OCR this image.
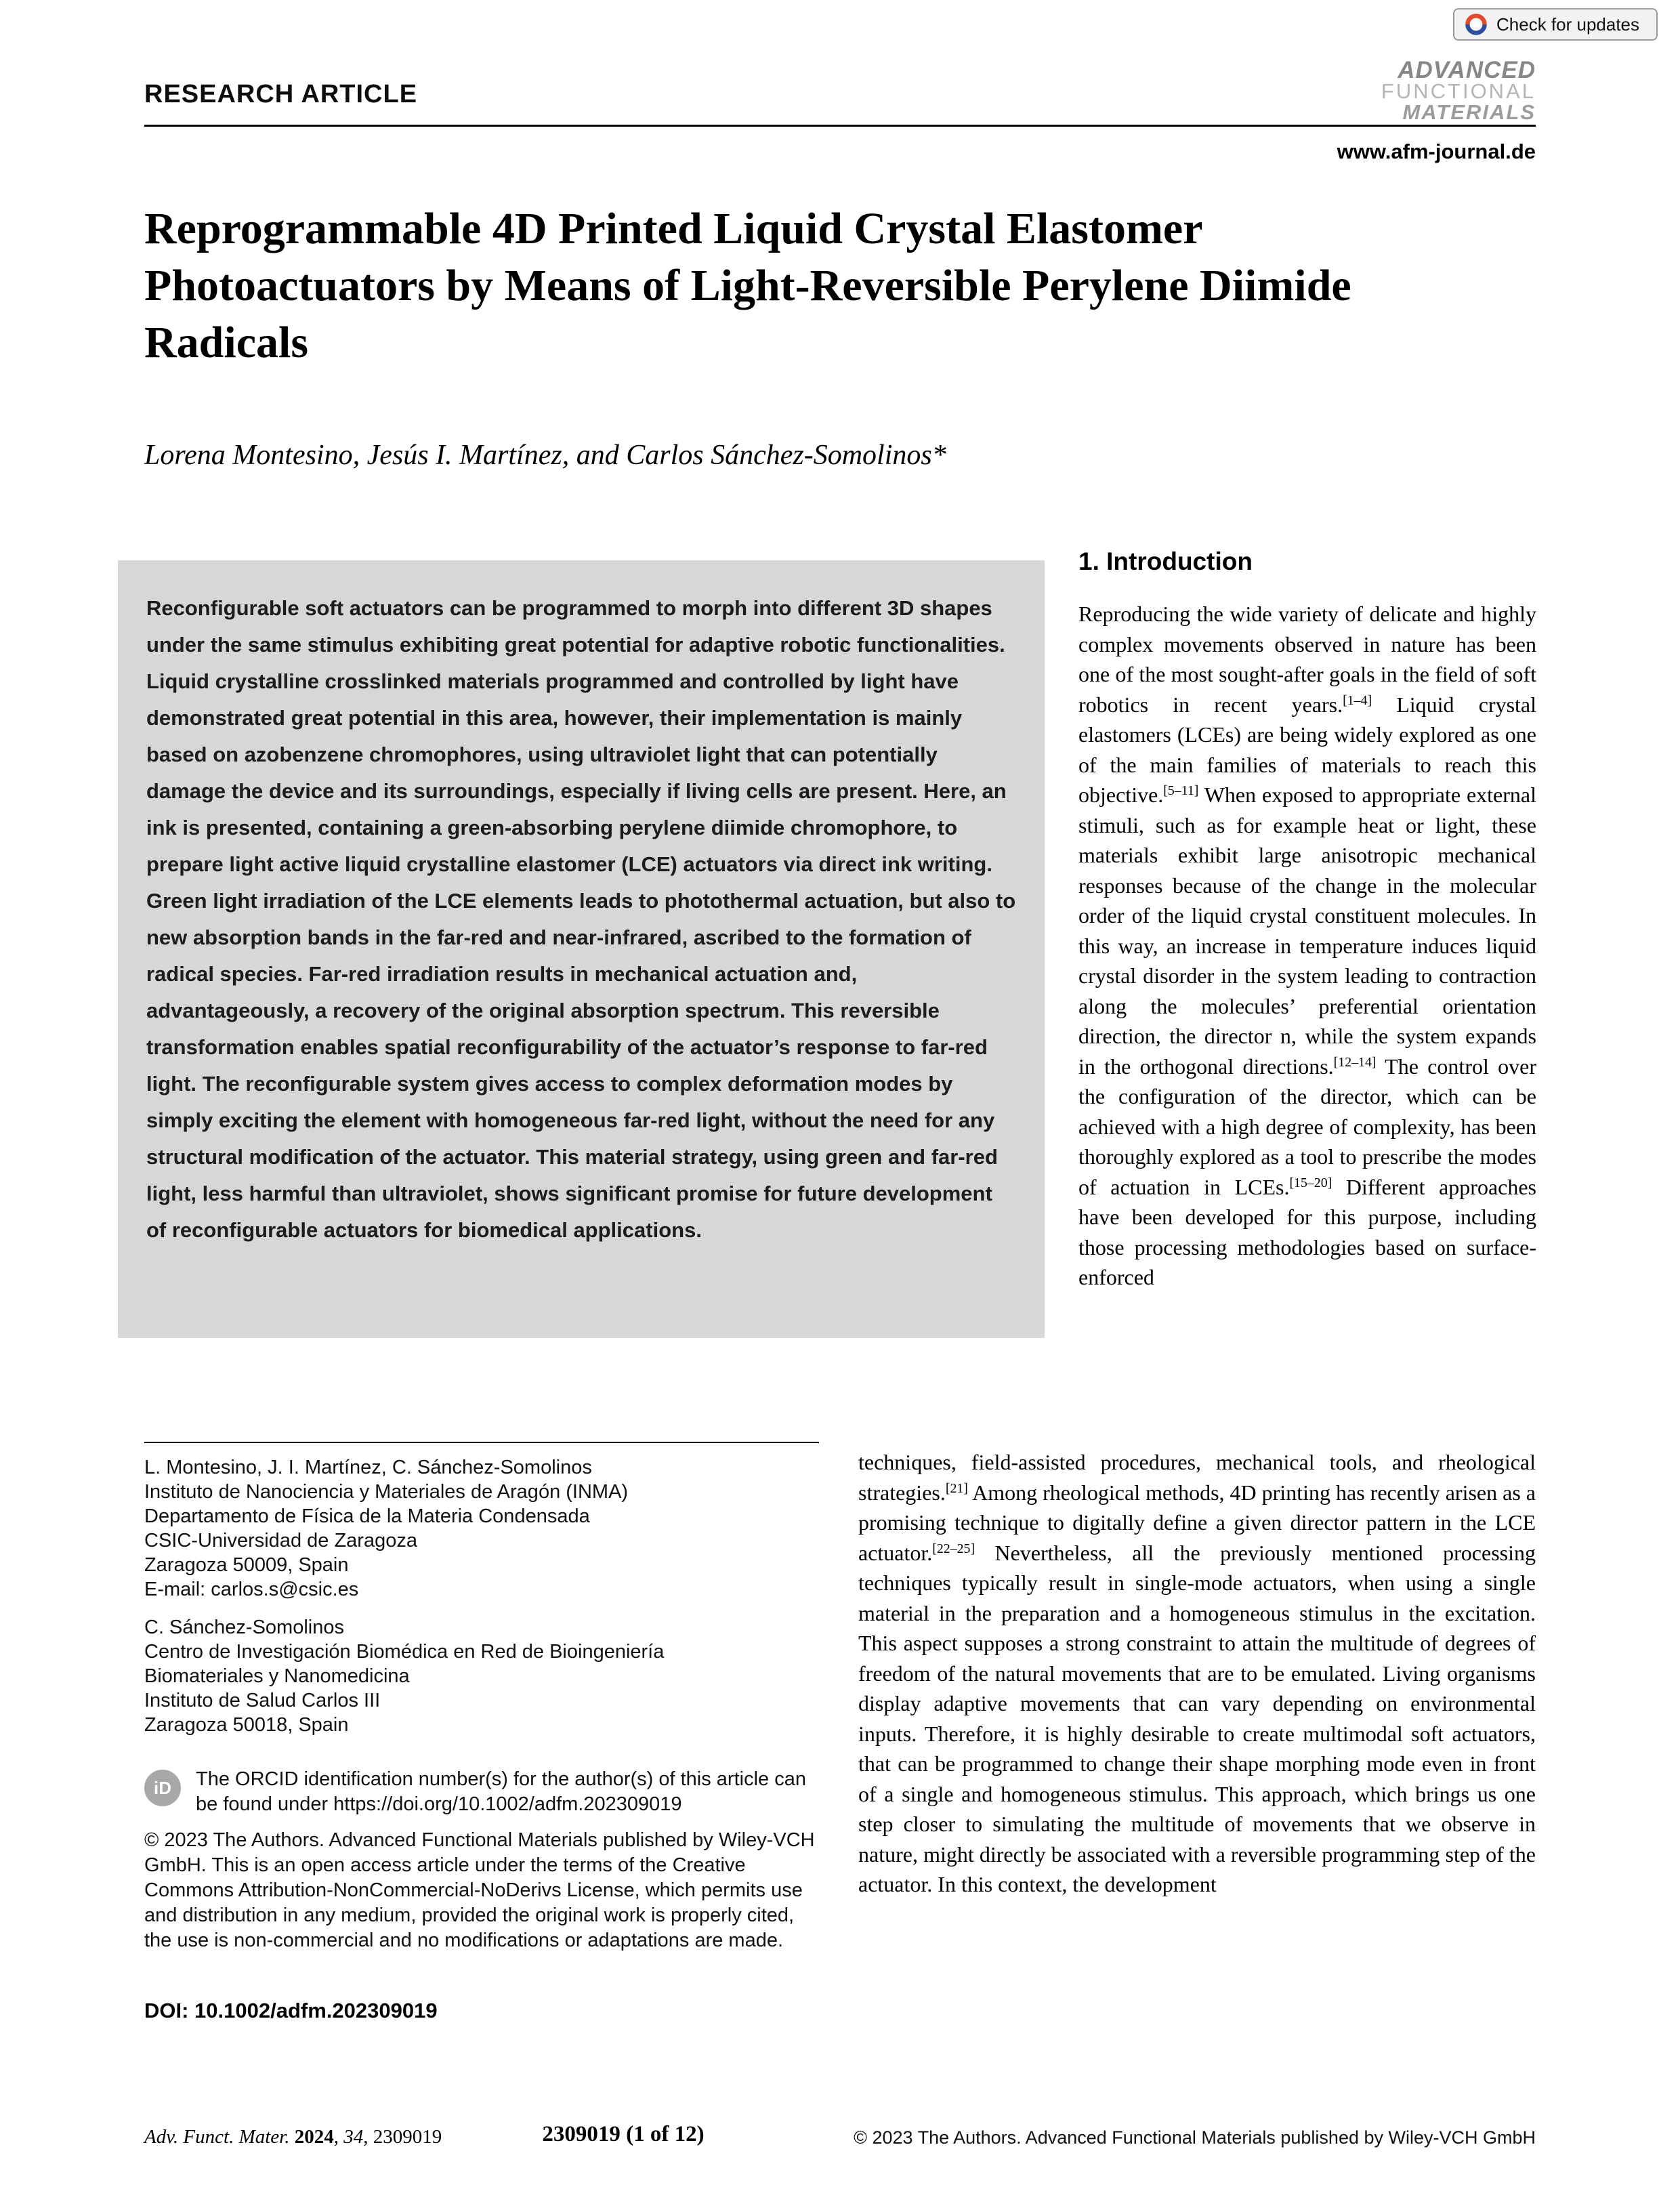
Check for updates
RESEARCH ARTICLE
ADVANCED
FUNCTIONAL
MATERIALS
www.afm-journal.de
Reprogrammable 4D Printed Liquid Crystal Elastomer Photoactuators by Means of Light-Reversible Perylene Diimide Radicals
Lorena Montesino, Jesús I. Martínez, and Carlos Sánchez-Somolinos*

Reconfigurable soft actuators can be programmed to morph into different 3D shapes under the same stimulus exhibiting great potential for adaptive robotic functionalities. Liquid crystalline crosslinked materials programmed and controlled by light have demonstrated great potential in this area, however, their implementation is mainly based on azobenzene chromophores, using ultraviolet light that can potentially damage the device and its surroundings, especially if living cells are present. Here, an ink is presented, containing a green-absorbing perylene diimide chromophore, to prepare light active liquid crystalline elastomer (LCE) actuators via direct ink writing. Green light irradiation of the LCE elements leads to photothermal actuation, but also to new absorption bands in the far-red and near-infrared, ascribed to the formation of radical species. Far-red irradiation results in mechanical actuation and, advantageously, a recovery of the original absorption spectrum. This reversible transformation enables spatial reconfigurability of the actuator’s response to far-red light. The reconfigurable system gives access to complex deformation modes by simply exciting the element with homogeneous far-red light, without the need for any structural modification of the actuator. This material strategy, using green and far-red light, less harmful than ultraviolet, shows significant promise for future development of reconfigurable actuators for biomedical applications.

1. Introduction
Reproducing the wide variety of delicate and highly complex movements observed in nature has been one of the most sought-after goals in the field of soft robotics in recent years.[1–4] Liquid crystal elastomers (LCEs) are being widely explored as one of the main families of materials to reach this objective.[5–11] When exposed to appropriate external stimuli, such as for example heat or light, these materials exhibit large anisotropic mechanical responses because of the change in the molecular order of the liquid crystal constituent molecules. In this way, an increase in temperature induces liquid crystal disorder in the system leading to contraction along the molecules’ preferential orientation direction, the director n, while the system expands in the orthogonal directions.[12–14] The control over the configuration of the director, which can be achieved with a high degree of complexity, has been thoroughly explored as a tool to prescribe the modes of actuation in LCEs.[15–20] Different approaches have been developed for this purpose, including those processing methodologies based on surface-enforced
techniques, field-assisted procedures, mechanical tools, and rheological strategies.[21] Among rheological methods, 4D printing has recently arisen as a promising technique to digitally define a given director pattern in the LCE actuator.[22–25] Nevertheless, all the previously mentioned processing techniques typically result in single-mode actuators, when using a single material in the preparation and a homogeneous stimulus in the excitation. This aspect supposes a strong constraint to attain the multitude of degrees of freedom of the natural movements that are to be emulated. Living organisms display adaptive movements that can vary depending on environmental inputs. Therefore, it is highly desirable to create multimodal soft actuators, that can be programmed to change their shape morphing mode even in front of a single and homogeneous stimulus. This approach, which brings us one step closer to simulating the multitude of movements that we observe in nature, might directly be associated with a reversible programming step of the actuator. In this context, the development
L. Montesino, J. I. Martínez, C. Sánchez-Somolinos
Instituto de Nanociencia y Materiales de Aragón (INMA)
Departamento de Física de la Materia Condensada
CSIC-Universidad de Zaragoza
Zaragoza 50009, Spain
E-mail: carlos.s@csic.es
C. Sánchez-Somolinos
Centro de Investigación Biomédica en Red de Bioingeniería
Biomateriales y Nanomedicina
Instituto de Salud Carlos III
Zaragoza 50018, Spain
iD	The ORCID identification number(s) for the author(s) of this article can be found under https://doi.org/10.1002/adfm.202309019
© 2023 The Authors. Advanced Functional Materials published by Wiley-VCH GmbH. This is an open access article under the terms of the Creative Commons Attribution-NonCommercial-NoDerivs License, which permits use and distribution in any medium, provided the original work is properly cited, the use is non-commercial and no modifications or adaptations are made.
DOI: 10.1002/adfm.202309019
Adv. Funct. Mater. 2024, 34, 2309019	2309019 (1 of 12)	© 2023 The Authors. Advanced Functional Materials published by Wiley-VCH GmbH
